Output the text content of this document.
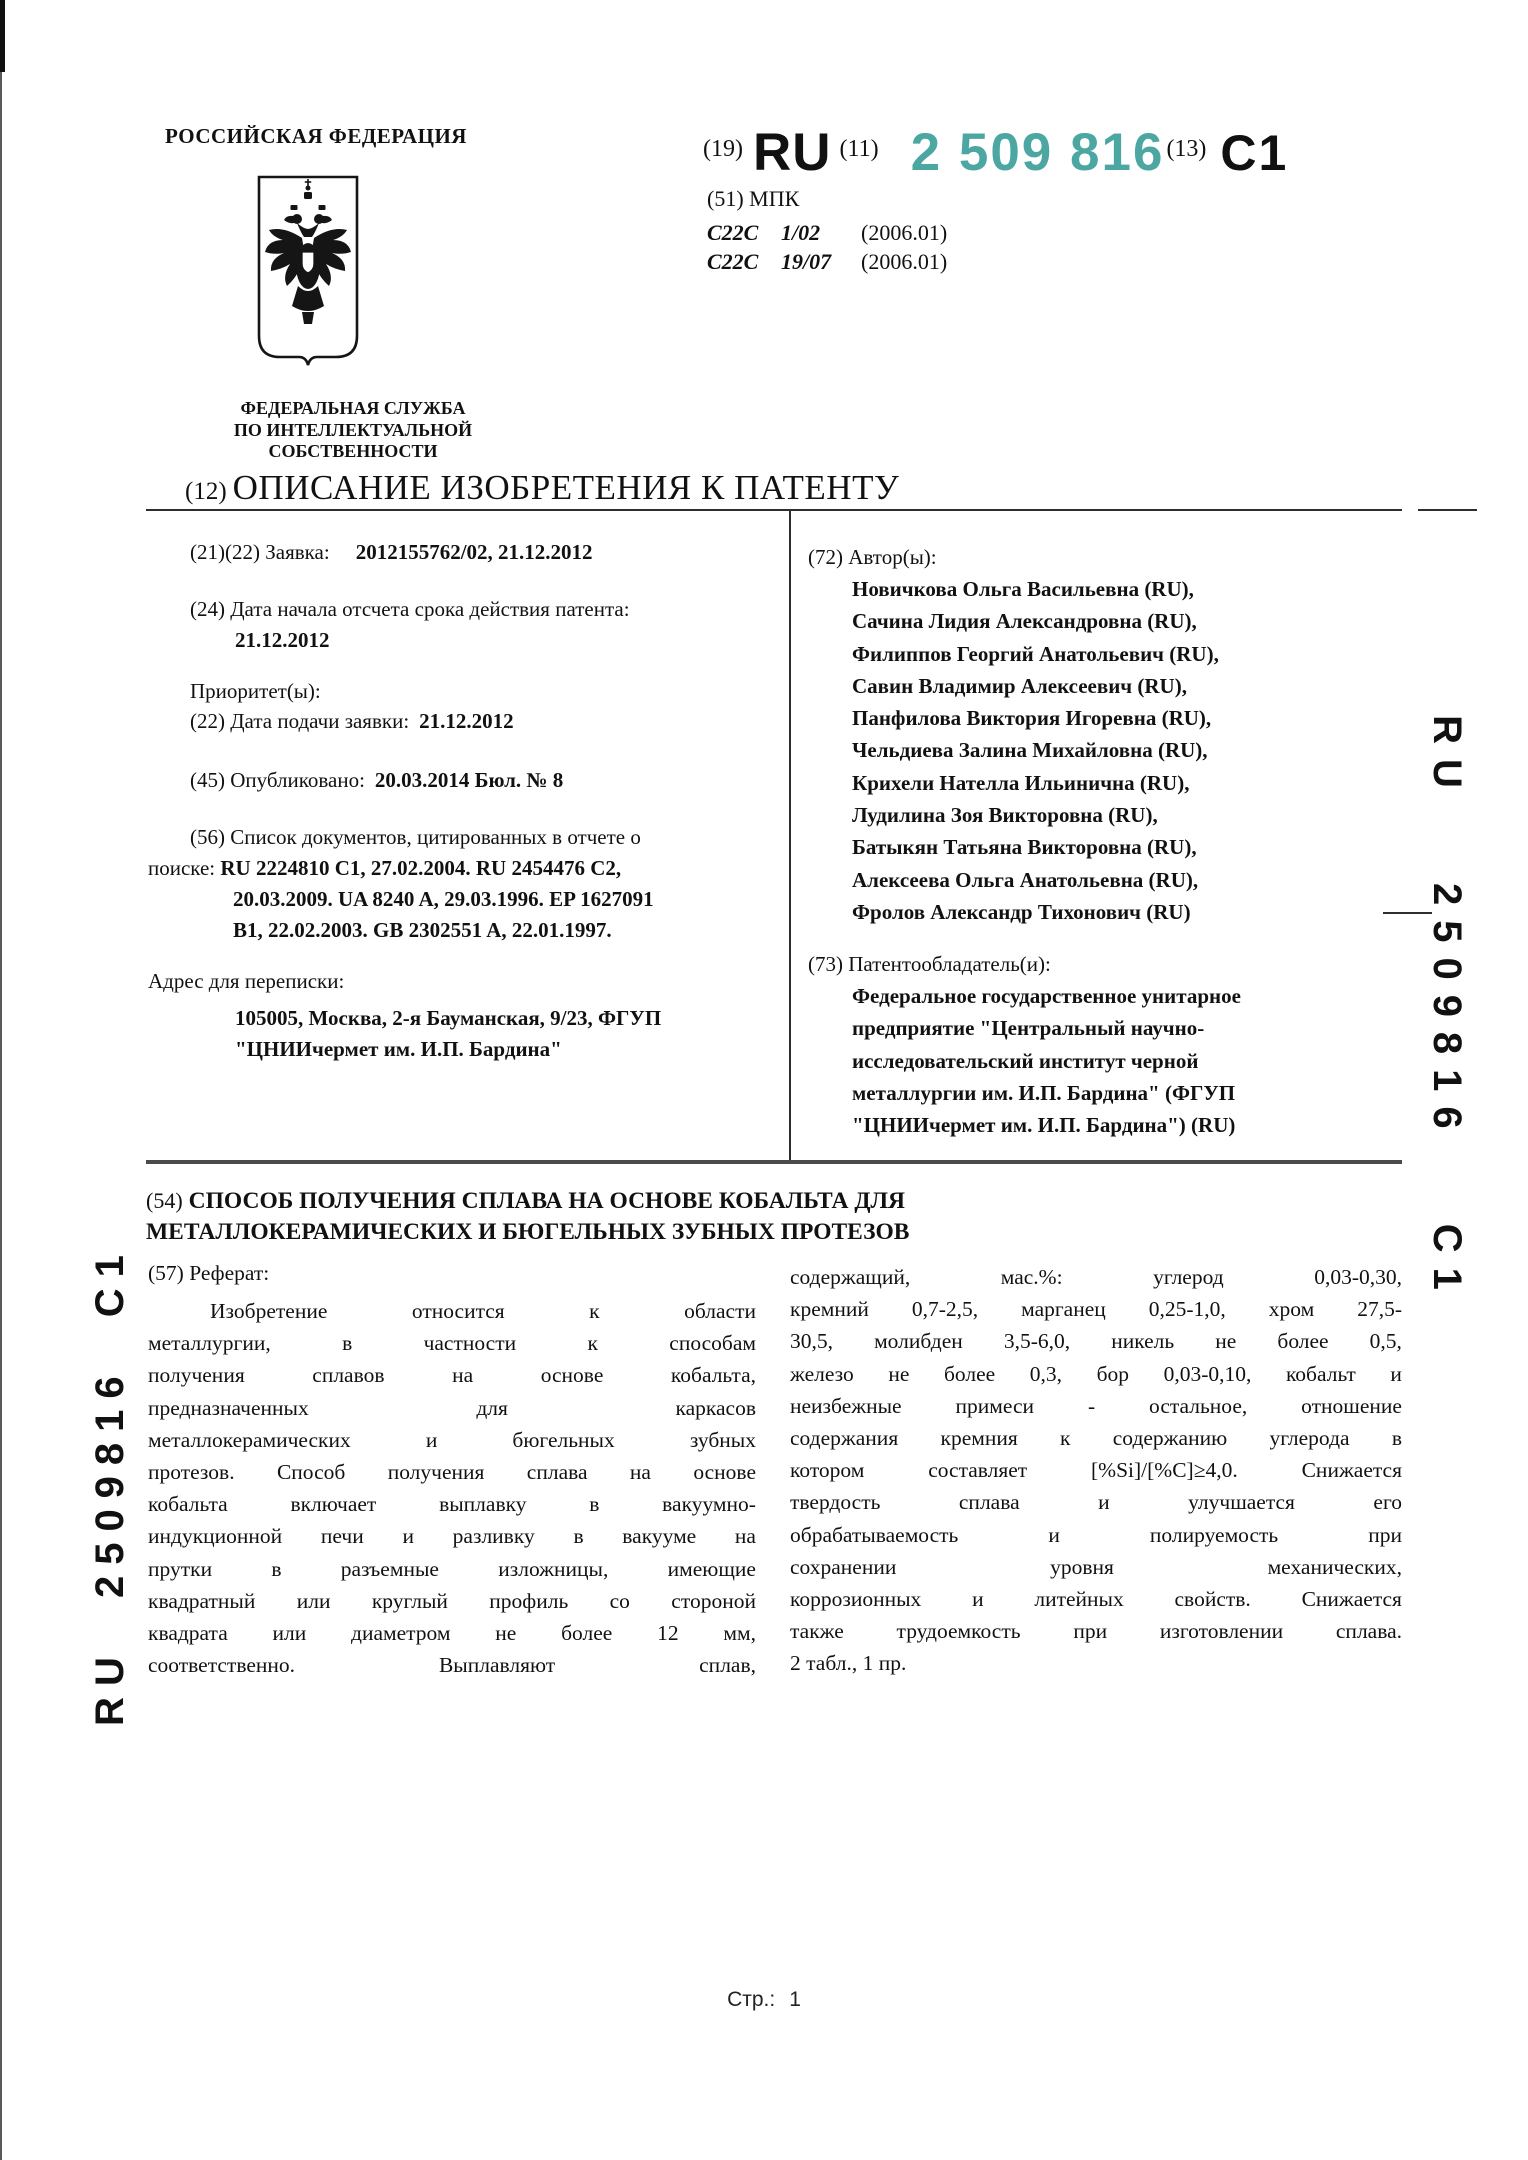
РОССИЙСКАЯ ФЕДЕРАЦИЯ
ФЕДЕРАЛЬНАЯ СЛУЖБА
ПО ИНТЕЛЛЕКТУАЛЬНОЙ СОБСТВЕННОСТИ
(19) RU (11) 2 509 816 (13) C1
(51) МПК
C22C	1/02	(2006.01)
C22C	19/07	(2006.01)
(12) ОПИСАНИЕ ИЗОБРЕТЕНИЯ К ПАТЕНТУ
(21)(22) Заявка: 2012155762/02, 21.12.2012
(24) Дата начала отсчета срока действия патента:
21.12.2012
Приоритет(ы):
(22) Дата подачи заявки: 21.12.2012
(45) Опубликовано: 20.03.2014 Бюл. № 8
(56) Список документов, цитированных в отчете о
поиске: RU 2224810 C1, 27.02.2004. RU 2454476 C2,
20.03.2009. UA 8240 A, 29.03.1996. EP 1627091
B1, 22.02.2003. GB 2302551 A, 22.01.1997.
Адрес для переписки:
105005, Москва, 2-я Бауманская, 9/23, ФГУП
"ЦНИИчермет им. И.П. Бардина"
(72) Автор(ы):
Новичкова Ольга Васильевна (RU),
Сачина Лидия Александровна (RU),
Филиппов Георгий Анатольевич (RU),
Савин Владимир Алексеевич (RU),
Панфилова Виктория Игоревна (RU),
Чельдиева Залина Михайловна (RU),
Крихели Нателла Ильинична (RU),
Лудилина Зоя Викторовна (RU),
Батыкян Татьяна Викторовна (RU),
Алексеева Ольга Анатольевна (RU),
Фролов Александр Тихонович (RU)
(73) Патентообладатель(и):
Федеральное государственное унитарное
предприятие "Центральный научно-
исследовательский институт черной
металлургии им. И.П. Бардина" (ФГУП
"ЦНИИчермет им. И.П. Бардина") (RU)
(54) СПОСОБ ПОЛУЧЕНИЯ СПЛАВА НА ОСНОВЕ КОБАЛЬТА ДЛЯ
МЕТАЛЛОКЕРАМИЧЕСКИХ И БЮГЕЛЬНЫХ ЗУБНЫХ ПРОТЕЗОВ
(57) Реферат:
Изобретение	относится	к	области
металлургии,	в	частности	к	способам
получения	сплавов	на	основе	кобальта,
предназначенных	для	каркасов
металлокерамических	и	бюгельных	зубных
протезов. Способ получения сплава на основе
кобальта	включает	выплавку	в	вакуумно-
индукционной печи и разливку в вакууме на
прутки	в	разъемные	изложницы,	имеющие
квадратный или круглый профиль со стороной
квадрата или диаметром не более 12 мм,
соответственно.	Выплавляют	сплав,
содержащий,	мас.%:	углерод	0,03-0,30,
кремний 0,7-2,5, марганец 0,25-1,0, хром 27,5-
30,5, молибден 3,5-6,0, никель не более 0,5,
железо не более 0,3, бор 0,03-0,10, кобальт и
неизбежные	примеси	-	остальное,	отношение
содержания кремния к содержанию углерода в
котором	составляет	[%Si]/[%C]≥4,0.	Снижается
твердость	сплава	и	улучшается	его
обрабатываемость	и	полируемость	при
сохранении	уровня	механических,
коррозионных и литейных свойств. Снижается
также трудоемкость при изготовлении сплава.
2 табл., 1 пр.
RU 2509816 C1
RU 2509816 C1
Стр.: 1
